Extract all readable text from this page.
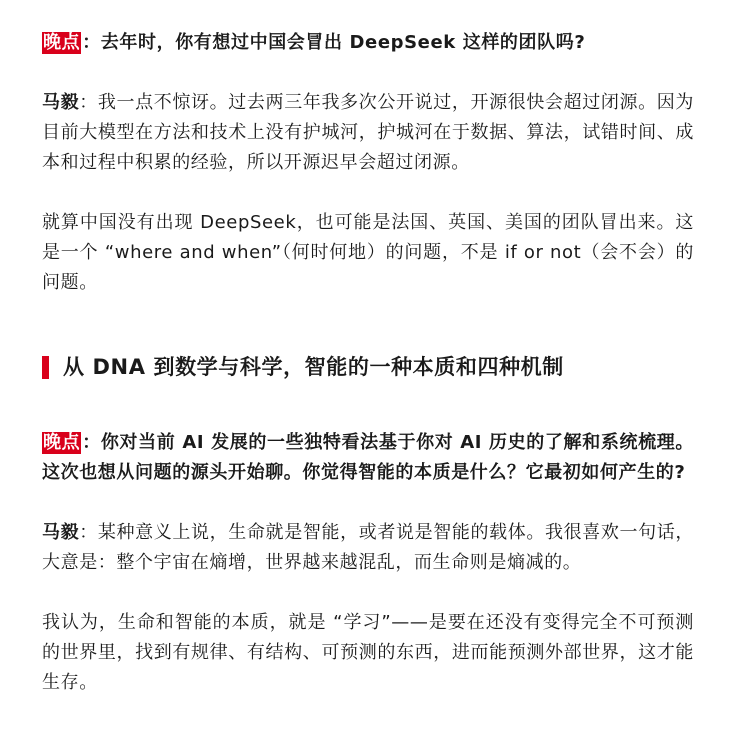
晚点 ：去年时，你有想过中国会冒出 DeepSeek 这样的团队吗?

马毅：我一点不惊讶。过去两三年我多次公开说过，开源很快会超过闭源。因为目前大模型在方法和技术上没有护城河，护城河在于数据、算法，试错时间、成本和过程中积累的经验，所以开源迟早会超过闭源。

就算中国没有出现 DeepSeek，也可能是法国、英国、美国的团队冒出来。这是一个 “where and when”（何时何地）的问题，不是 if or not（会不会）的问题。

从 DNA 到数学与科学，智能的一种本质和四种机制

晚点 ：你对当前 AI 发展的一些独特看法基于你对 AI 历史的了解和系统梳理。这次也想从问题的源头开始聊。你觉得智能的本质是什么？它最初如何产生的?

马毅：某种意义上说，生命就是智能，或者说是智能的载体。我很喜欢一句话，大意是：整个宇宙在熵增，世界越来越混乱，而生命则是熵减的。

我认为，生命和智能的本质，就是 “学习”——是要在还没有变得完全不可预测的世界里，找到有规律、有结构、可预测的东西，进而能预测外部世界，这才能生存。
